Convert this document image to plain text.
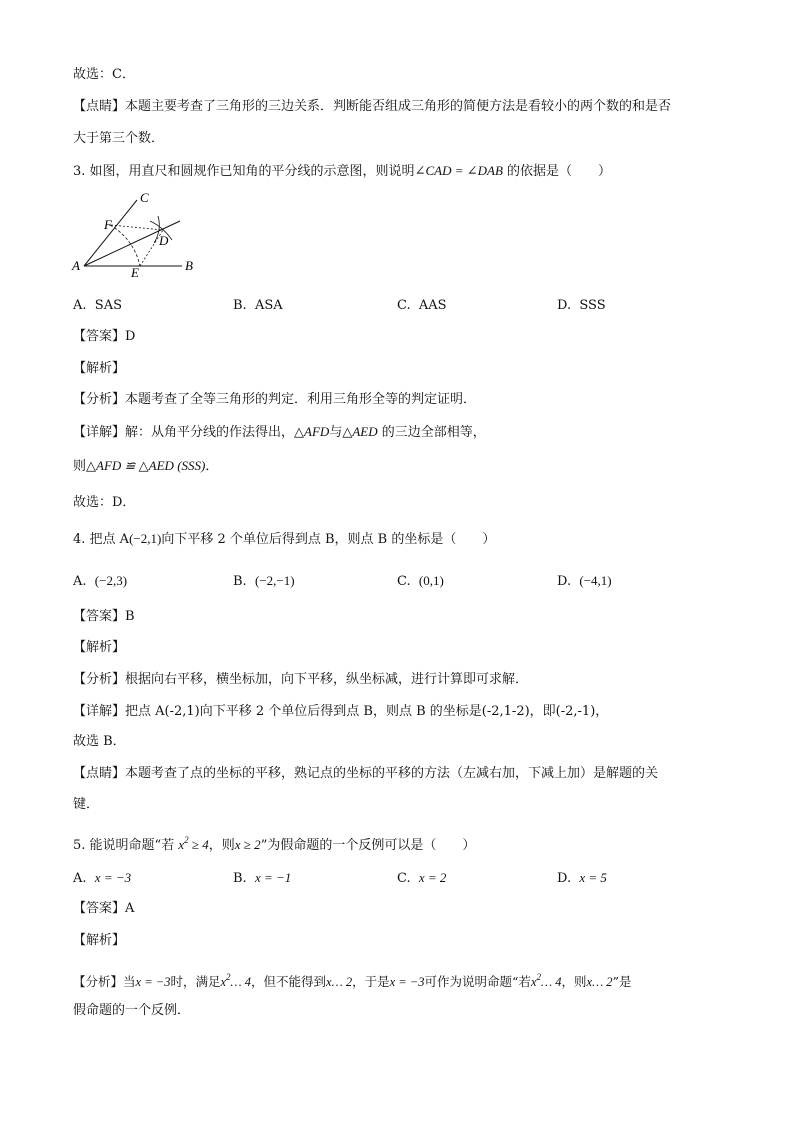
故选：C．
【点睛】本题主要考查了三角形的三边关系．判断能否组成三角形的简便方法是看较小的两个数的和是否
大于第三个数．
3. 如图，用直尺和圆规作已知角的平分线的示意图，则说明∠CAD = ∠DAB 的依据是（　　）
C
F
D
A	E	B
A. SAS	B. ASA	C. AAS	D. SSS
【答案】D
【解析】
【分析】本题考查了全等三角形的判定．利用三角形全等的判定证明．
【详解】解：从角平分线的作法得出，△AFD与△AED 的三边全部相等，
则△AFD ≌ △AED (SSS)．
故选：D．
4. 把点 A(−2,1)向下平移 2 个单位后得到点 B，则点 B 的坐标是（　　）
A. (−2,3)	B. (−2,−1)	C. (0,1)	D. (−4,1)
【答案】B
【解析】
【分析】根据向右平移，横坐标加，向下平移，纵坐标减，进行计算即可求解．
【详解】把点 A(-2,1)向下平移 2 个单位后得到点 B，则点 B 的坐标是(-2,1-2)，即(-2,-1)，
故选 B．
【点睛】本题考查了点的坐标的平移，熟记点的坐标的平移的方法（左减右加，下减上加）是解题的关
键．
5. 能说明命题“若 $x^2 \ge 4$，则x ≥ 2”为假命题的一个反例可以是（　　）
A. x = −3	B. x = −1	C. x = 2	D. x = 5
【答案】A
【解析】
【分析】当x = −3时，满足$x^2\dots$ 4，但不能得到x… 2，于是x = −3可作为说明命题“若$x^2\dots$ 4，则x… 2”是
假命题的一个反例．
